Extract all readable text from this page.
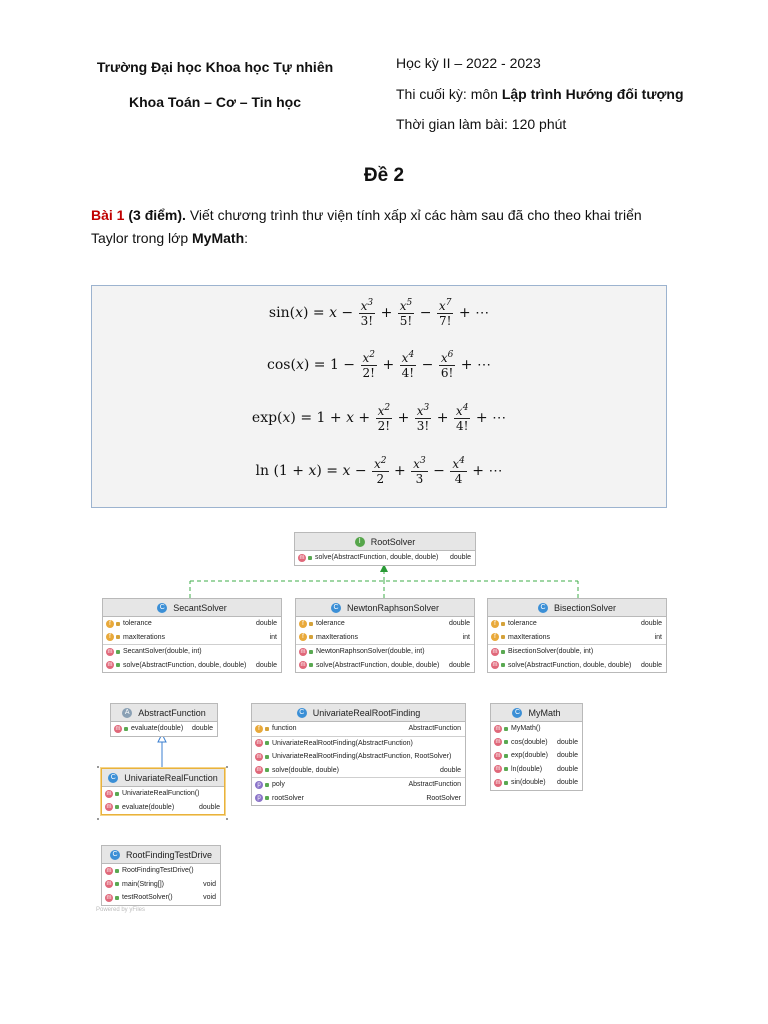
Trường Đại học Khoa học Tự nhiên
Khoa Toán – Cơ – Tin học
Học kỳ II – 2022 - 2023
Thi cuối kỳ: môn Lập trình Hướng đối tượng
Thời gian làm bài: 120 phút
Đề 2
Bài 1 (3 điểm). Viết chương trình thư viện tính xấp xỉ các hàm sau đã cho theo khai triển Taylor trong lớp MyMath:
$\sin(x) = x - \frac{x^3}{3!} + \frac{x^5}{5!} - \frac{x^7}{7!}$ + ⋯
$\cos(x) = 1 - \frac{x^2}{2!} + \frac{x^4}{4!} - \frac{x^6}{6!}$ + ⋯
$\exp(x) = 1 + x + \frac{x^2}{2!} + \frac{x^3}{3!} + \frac{x^4}{4!}$ + ⋯
$\ln (1 + x) = x - \frac{x^2}{2} + \frac{x^3}{3} - \frac{x^4}{4}$ + ⋯
I	RootSolver
m solve(AbstractFunction, double, double)	double
C SecantSolver
f	tolerance	double
f	maxIterations	int
m SecantSolver(double, int)
m solve(AbstractFunction, double, double)	double
C NewtonRaphsonSolver
f	tolerance	double
f	maxIterations	int
m NewtonRaphsonSolver(double, int)
m solve(AbstractFunction, double, double)	double
C BisectionSolver
f	tolerance	double
f	maxIterations	int
m BisectionSolver(double, int)
m solve(AbstractFunction, double, double)	double
A AbstractFunction
m evaluate(double)	double
C UnivariateRealFunction
m UnivariateRealFunction()
m evaluate(double)	double
C UnivariateRealRootFinding
f	function	AbstractFunction
m UnivariateRealRootFinding(AbstractFunction)
m UnivariateRealRootFinding(AbstractFunction, RootSolver)
m solve(double, double)	double
p	poly	AbstractFunction
p	rootSolver	RootSolver
C MyMath
m MyMath()
m cos(double)	double
m exp(double)	double
m ln(double)	double
m sin(double)	double
C RootFindingTestDrive
m RootFindingTestDrive()
m main(String[])	void
m testRootSolver()	void
Powered by yFiles
